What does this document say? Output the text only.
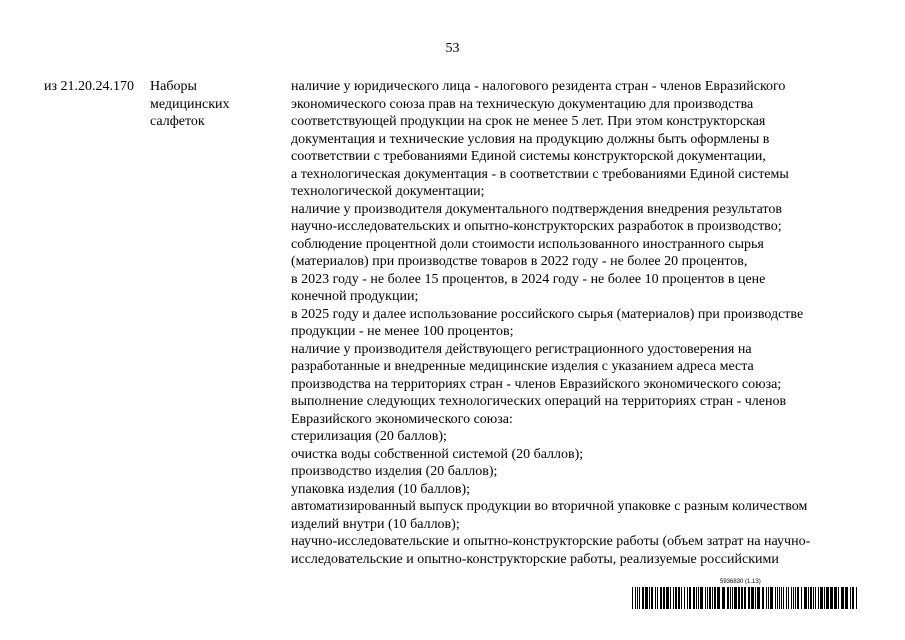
53
из 21.20.24.170 Наборы
медицинских
салфеток
наличие у юридического лица - налогового резидента стран - членов Евразийского
экономического союза прав на техническую документацию для производства
соответствующей продукции на срок не менее 5 лет. При этом конструкторская
документация и технические условия на продукцию должны быть оформлены в
соответствии с требованиями Единой системы конструкторской документации,
а технологическая документация - в соответствии с требованиями Единой системы
технологической документации;
наличие у производителя документального подтверждения внедрения результатов
научно-исследовательских и опытно-конструкторских разработок в производство;
соблюдение процентной доли стоимости использованного иностранного сырья
(материалов) при производстве товаров в 2022 году - не более 20 процентов,
в 2023 году - не более 15 процентов, в 2024 году - не более 10 процентов в цене
конечной продукции;
в 2025 году и далее использование российского сырья (материалов) при производстве
продукции - не менее 100 процентов;
наличие у производителя действующего регистрационного удостоверения на
разработанные и внедренные медицинские изделия с указанием адреса места
производства на территориях стран - членов Евразийского экономического союза;
выполнение следующих технологических операций на территориях стран - членов
Евразийского экономического союза:
стерилизация (20 баллов);
очистка воды собственной системой (20 баллов);
производство изделия (20 баллов);
упаковка изделия (10 баллов);
автоматизированный выпуск продукции во вторичной упаковке с разным количеством
изделий внутри (10 баллов);
научно-исследовательские и опытно-конструкторские работы (объем затрат на научно-
исследовательские и опытно-конструкторские работы, реализуемые российскими
5936830 (1.13)
